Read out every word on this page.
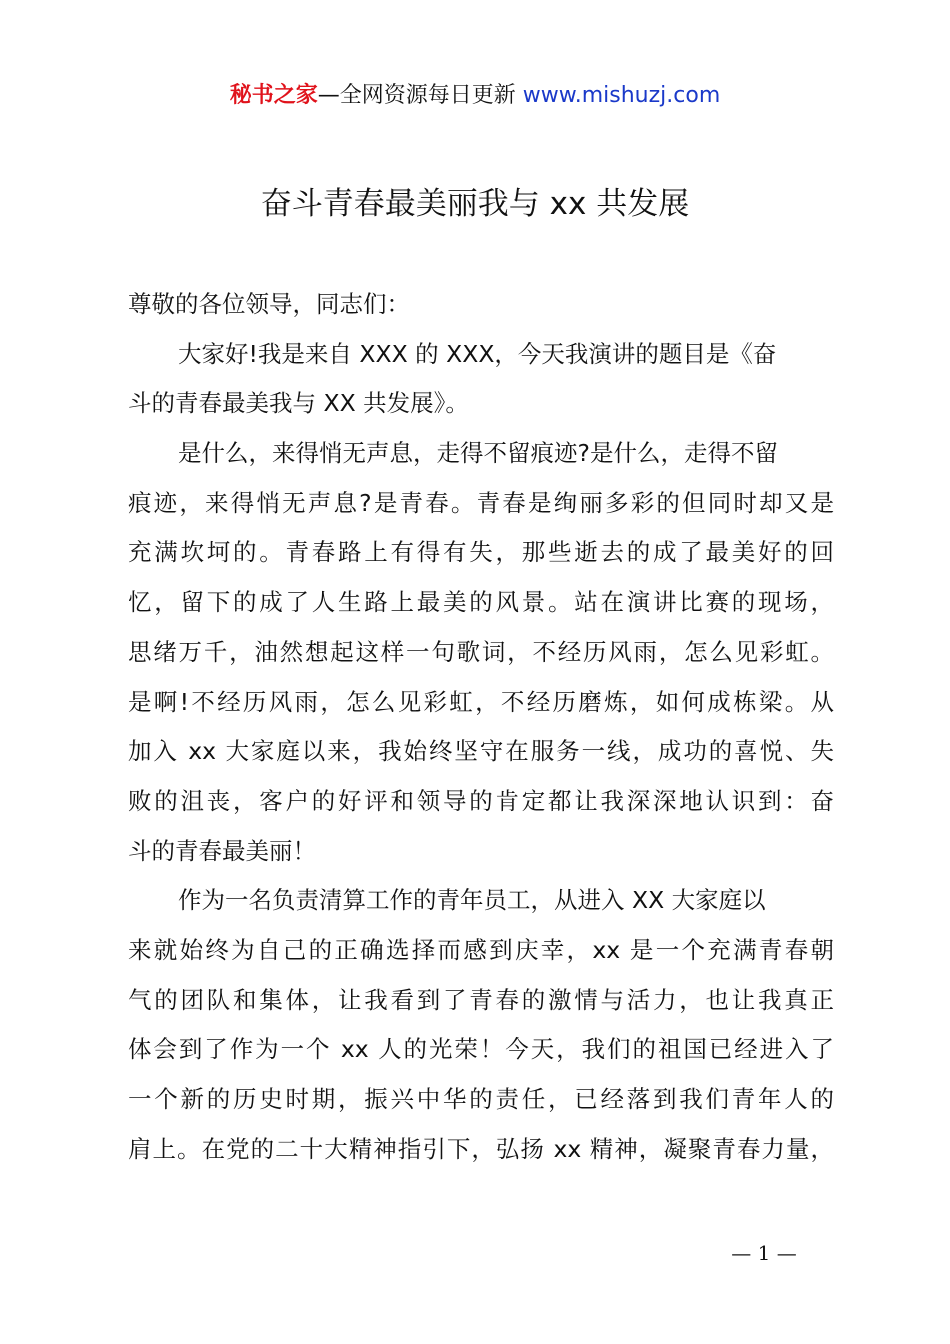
秘书之家—全网资源每日更新 www.mishuzj.com
奋斗青春最美丽我与 xx 共发展
尊敬的各位领导，同志们：
大家好!我是来自 XXX 的 XXX，今天我演讲的题目是《奋
斗的青春最美我与 XX 共发展》。
是什么，来得悄无声息，走得不留痕迹?是什么，走得不留
痕迹，来得悄无声息?是青春。青春是绚丽多彩的但同时却又是
充满坎坷的。青春路上有得有失，那些逝去的成了最美好的回
忆，留下的成了人生路上最美的风景。站在演讲比赛的现场，
思绪万千，油然想起这样一句歌词，不经历风雨，怎么见彩虹。
是啊!不经历风雨，怎么见彩虹，不经历磨炼，如何成栋梁。从
加入 xx 大家庭以来，我始终坚守在服务一线，成功的喜悦、失
败的沮丧，客户的好评和领导的肯定都让我深深地认识到：奋
斗的青春最美丽！
作为一名负责清算工作的青年员工，从进入 XX 大家庭以
来就始终为自己的正确选择而感到庆幸，xx 是一个充满青春朝
气的团队和集体，让我看到了青春的激情与活力，也让我真正
体会到了作为一个 xx 人的光荣！今天，我们的祖国已经进入了
一个新的历史时期，振兴中华的责任，已经落到我们青年人的
肩上。在党的二十大精神指引下，弘扬 xx 精神，凝聚青春力量，
— 1 —
